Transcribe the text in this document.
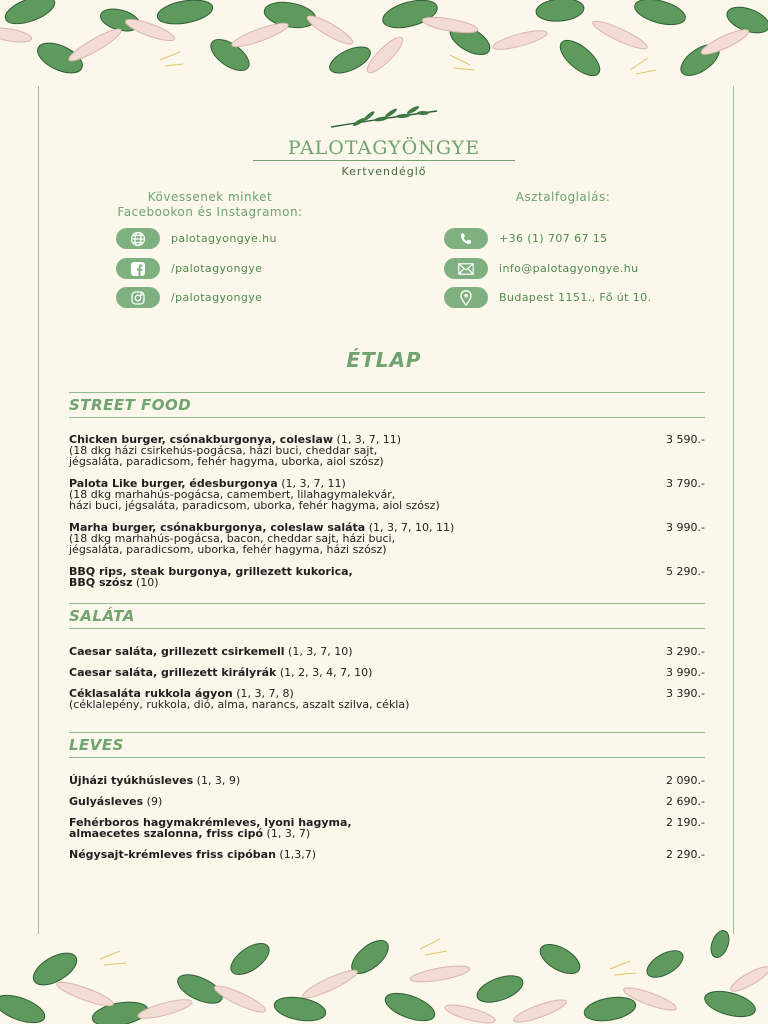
PALOTAGYÖNGYE
Kertvendéglő
Kövessenek minket
Facebookon és Instagramon:
Asztalfoglalás:
palotagyongye.hu
/palotagyongye
/palotagyongye
+36 (1) 707 67 15
info@palotagyongye.hu
Budapest 1151., Fő út 10.
ÉTLAP
STREET FOOD
Chicken burger, csónakburgonya, coleslaw (1, 3, 7, 11)
(18 dkg házi csirkehús-pogácsa, házi buci, cheddar sajt,
jégsaláta, paradicsom, fehér hagyma, uborka, aiol szósz)
3 590.-
Palota Like burger, édesburgonya (1, 3, 7, 11)
(18 dkg marhahús-pogácsa, camembert, lilahagymalekvár,
házi buci, jégsaláta, paradicsom, uborka, fehér hagyma, aiol szósz)
3 790.-
Marha burger, csónakburgonya, coleslaw saláta (1, 3, 7, 10, 11)
(18 dkg marhahús-pogácsa, bacon, cheddar sajt, házi buci,
jégsaláta, paradicsom, uborka, fehér hagyma, házi szósz)
3 990.-
BBQ rips, steak burgonya, grillezett kukorica,
BBQ szósz (10)
5 290.-
SALÁTA
Caesar saláta, grillezett csirkemell (1, 3, 7, 10)	3 290.-
Caesar saláta, grillezett királyrák (1, 2, 3, 4, 7, 10)	3 990.-
Céklasaláta rukkola ágyon (1, 3, 7, 8)
(céklalepény, rukkola, dió, alma, narancs, aszalt szilva, cékla)
3 390.-
LEVES
Újházi tyúkhúsleves (1, 3, 9)	2 090.-
Gulyásleves (9)	2 690.-
Fehérboros hagymakrémleves, lyoni hagyma,
almaecetes szalonna, friss cipó (1, 3, 7)
2 190.-
Négysajt-krémleves friss cipóban (1,3,7)	2 290.-
